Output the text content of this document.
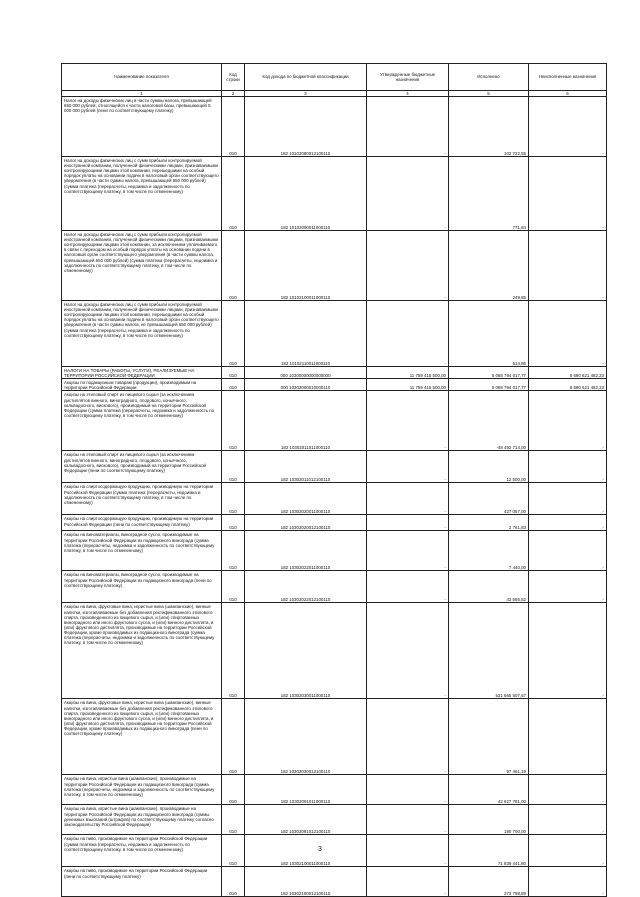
Наименование показателя	Код строки	Код дохода по бюджетной классификации	Утвержденные бюджетные назначения	Исполнено	Неисполненные назначения
1	2	3	4	5	6
Налог на доходы физических лиц в части суммы налога, превышающей 650 000 рублей, относящейся к части налоговой базы, превышающей 5 000 000 рублей (пени по соответствующему платежу)	010	182 10102080012100110	-	102 722,55	-
Налог на доходы физических лиц с сумм прибыли контролируемой иностранной компании, полученной физическими лицами, признаваемыми контролирующими лицами этой компании, перешедшими на особый порядок уплаты на основании подачи в налоговый орган соответствующего уведомления (в части суммы налога, превышающей 650 000 рублей) (сумма платежа (перерасчеты, недоимка и задолженность по соответствующему платежу, в том числе по отмененному)	010	182 10102090011000110	-	771,84	-
Налог на доходы физических лиц с сумм прибыли контролируемой иностранной компании, полученной физическими лицами, признаваемыми контролирующими лицами этой компании, за исключением уплачиваемого в связи с переходом на особый порядок уплаты на основании подачи в налоговый орган соответствующего уведомления (в части суммы налога, превышающей 650 000 рублей) (сумма платежа (перерасчеты, недоимка и задолженность по соответствующему платежу, в том числе по отмененному)	010	182 10102100011000110	-	249,85	-
Налог на доходы физических лиц с сумм прибыли контролируемой иностранной компании, полученной физическими лицами, признаваемыми контролирующими лицами этой компании, перешедшими на особый порядок уплаты на основании подачи в налоговый орган соответствующего уведомления (в части суммы налога, не превышающей 650 000 рублей) (сумма платежа (перерасчеты, недоимка и задолженность по соответствующему платежу, в том числе по отмененному)	010	182 10102110011000110	-	514,86	-
НАЛОГИ НА ТОВАРЫ (РАБОТЫ, УСЛУГИ), РЕАЛИЗУЕМЫЕ НА ТЕРРИТОРИИ РОССИЙСКОЙ ФЕДЕРАЦИИ	010	000 10300000000000000	11 759 415 500,00	5 068 794 017,77	6 690 621 482,23
Акцизы по подакцизным товарам (продукции), производимым на территории Российской Федерации	010	000 10302000010000110	11 759 415 500,00	5 068 794 017,77	6 690 621 482,23
Акцизы на этиловый спирт из пищевого сырья (за исключением дистиллятов винного, виноградного, плодового, коньячного, кальвадосного, вискового), производимый на территории Российской Федерации (сумма платежа (перерасчеты, недоимка и задолженность по соответствующему платежу, в том числе по отмененному)	010	182 10302011011000110	-	-48 492 714,00	-
Акцизы на этиловый спирт из пищевого сырья (за исключением дистиллятов винного, виноградного, плодового, коньячного, кальвадосного, вискового), производимый на территории Российской Федерации (пени по соответствующему платежу)	010	182 10302011012100110	-	12 500,00	-
Акцизы на спиртосодержащую продукцию, производимую на территории Российской Федерации (сумма платежа (перерасчеты, недоимка и задолженность по соответствующему платежу, в том числе по отмененному)	010	182 10302020011000110	-	427 057,00	-
Акцизы на спиртосодержащую продукцию, производимую на территории Российской Федерации (пени по соответствующему платежу)	010	182 10302020012100110	-	2 761,83	-
Акцизы на виноматериалы, виноградное сусло, производимые на территории Российской Федерации из подакцизного винограда (сумма платежа (перерасчеты, недоимка и задолженность по соответствующему платежу, в том числе по отмененному)	010	182 10302022011000110	-	7 440,00	-
Акцизы на виноматериалы, виноградное сусло, производимые на территории Российской Федерации из подакцизного винограда (пени по соответствующему платежу)	010	182 10302022012100110	-	43 565,52	-
Акцизы на вина, фруктовые вина, игристые вина (шампанские), винные напитки, изготавливаемые без добавления ректификованного этилового спирта, произведенного из пищевого сырья, и (или) спиртованных виноградного или иного фруктового сусла, и (или) винного дистиллята, и (или) фруктового дистиллята, производимые на территории Российской Федерации, кроме производимых из подакцизного винограда (сумма платежа (перерасчеты, недоимка и задолженность по соответствующему платежу, в том числе по отмененному)	010	182 10302030011000110	-	531 665 507,57	-
Акцизы на вина, фруктовые вина, игристые вина (шампанские), винные напитки, изготавливаемые без добавления ректификованного этилового спирта, произведенного из пищевого сырья, и (или) спиртованных виноградного или иного фруктового сусла, и (или) винного дистиллята, и (или) фруктового дистиллята, производимые на территории Российской Федерации, кроме производимых из подакцизного винограда (пени по соответствующему платежу)	010	182 10302030012100110	-	97 461,19	-
Акцизы на вина, игристые вина (шампанские), производимые на территории Российской Федерации из подакцизного винограда (сумма платежа (перерасчеты, недоимка и задолженность по соответствующему платежу, в том числе по отмененному)	010	182 10302091011000110	-	42 627 781,00	-
Акцизы на вина, игристые вина (шампанские), производимые на территории Российской Федерации из подакцизного винограда (суммы денежных взысканий (штрафов) по соответствующему платежу согласно законодательству Российской Федерации)	010	182 10302091012100110	-	190 700,00	-
Акцизы на пиво, производимое на территории Российской Федерации (сумма платежа (перерасчеты, недоимка и задолженность по соответствующему платежу, в том числе по отмененному)	010	182 10302100011000110	-	71 839 441,80	-
Акцизы на пиво, производимое на территории Российской Федерации (пени по соответствующему платежу)	010	182 10302100012100110	-	373 798,89	-
3
